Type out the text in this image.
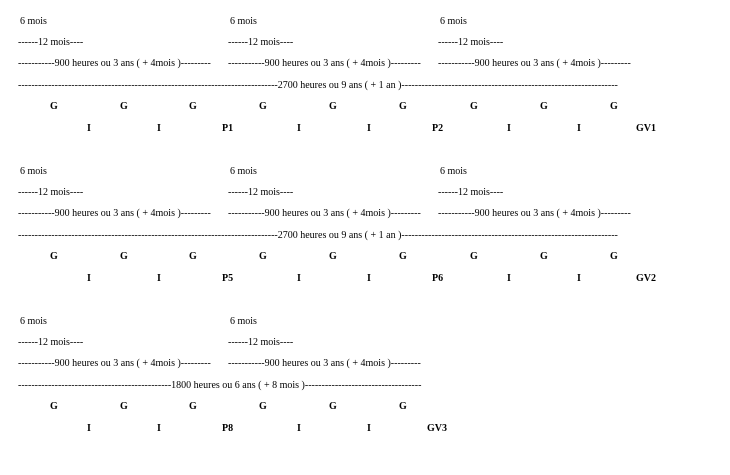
6 mois	6 mois	6 mois
------12 mois----	------12 mois----	------12 mois----
-----------900 heures ou 3 ans ( + 4mois )--------- -----------900 heures ou 3 ans ( + 4mois )--------- -----------900 heures ou 3 ans ( + 4mois )---------
------------------------------------------------------------------------------2700 heures ou 9 ans ( + 1 an )-----------------------------------------------------------------
G	G	G	G	G	G	G	G	G
I	I	P1	I	I	P2	I	I	GV1
6 mois	6 mois	6 mois
------12 mois----	------12 mois----	------12 mois----
-----------900 heures ou 3 ans ( + 4mois )--------- -----------900 heures ou 3 ans ( + 4mois )--------- -----------900 heures ou 3 ans ( + 4mois )---------
------------------------------------------------------------------------------2700 heures ou 9 ans ( + 1 an )-----------------------------------------------------------------
G	G	G	G	G	G	G	G	G
I	I	P5	I	I	P6	I	I	GV2
6 mois	6 mois
------12 mois----	------12 mois----
-----------900 heures ou 3 ans ( + 4mois )--------- -----------900 heures ou 3 ans ( + 4mois )---------
----------------------------------------------1800 heures ou 6 ans ( + 8 mois )-----------------------------------
G	G	G	G	G	G
I	I	P8	I	I	GV3
